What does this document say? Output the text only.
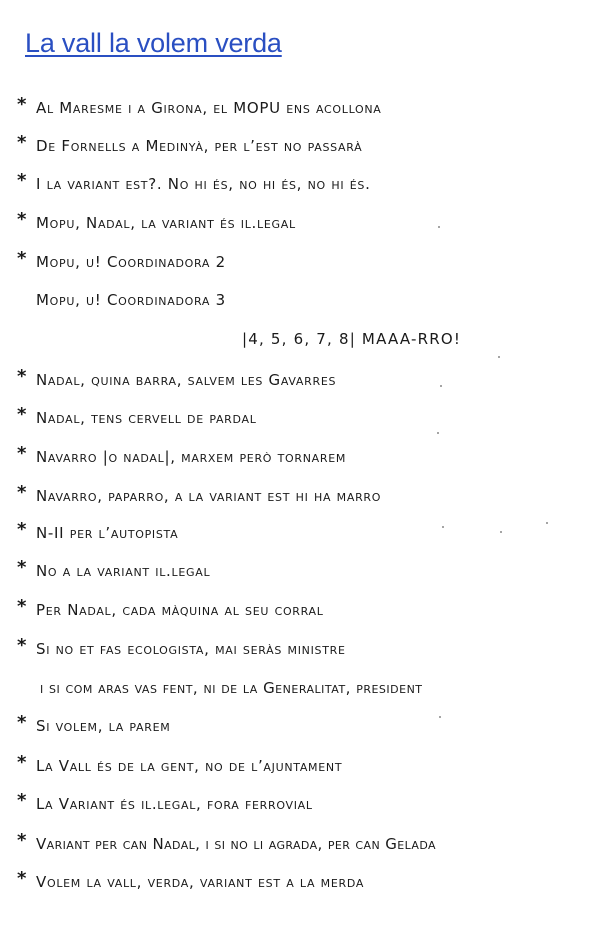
La vall la volem verda
* Al Maresme i a Girona, el MOPU ens acollona
* De Fornells a Medinyà, per l’est no passarà
* I la variant est?. No hi és, no hi és, no hi és.
* Mopu, Nadal, la variant és il.legal
* Mopu, u! Coordinadora 2
Mopu, u! Coordinadora 3
|4, 5, 6, 7, 8| MAAA-RRO!
* Nadal, quina barra, salvem les Gavarres
* Nadal, tens cervell de pardal
* Navarro |o nadal|, marxem però tornarem
* Navarro, paparro, a la variant est hi ha marro
* N-II per l’autopista
* No a la variant il.legal
* Per Nadal, cada màquina al seu corral
* Si no et fas ecologista, mai seràs ministre
i si com aras vas fent, ni de la Generalitat, president
* Si volem, la parem
* La Vall és de la gent, no de l’ajuntament
* La Variant és il.legal, fora ferrovial
* Variant per can Nadal, i si no li agrada, per can Gelada
* Volem la vall, verda, variant est a la merda
